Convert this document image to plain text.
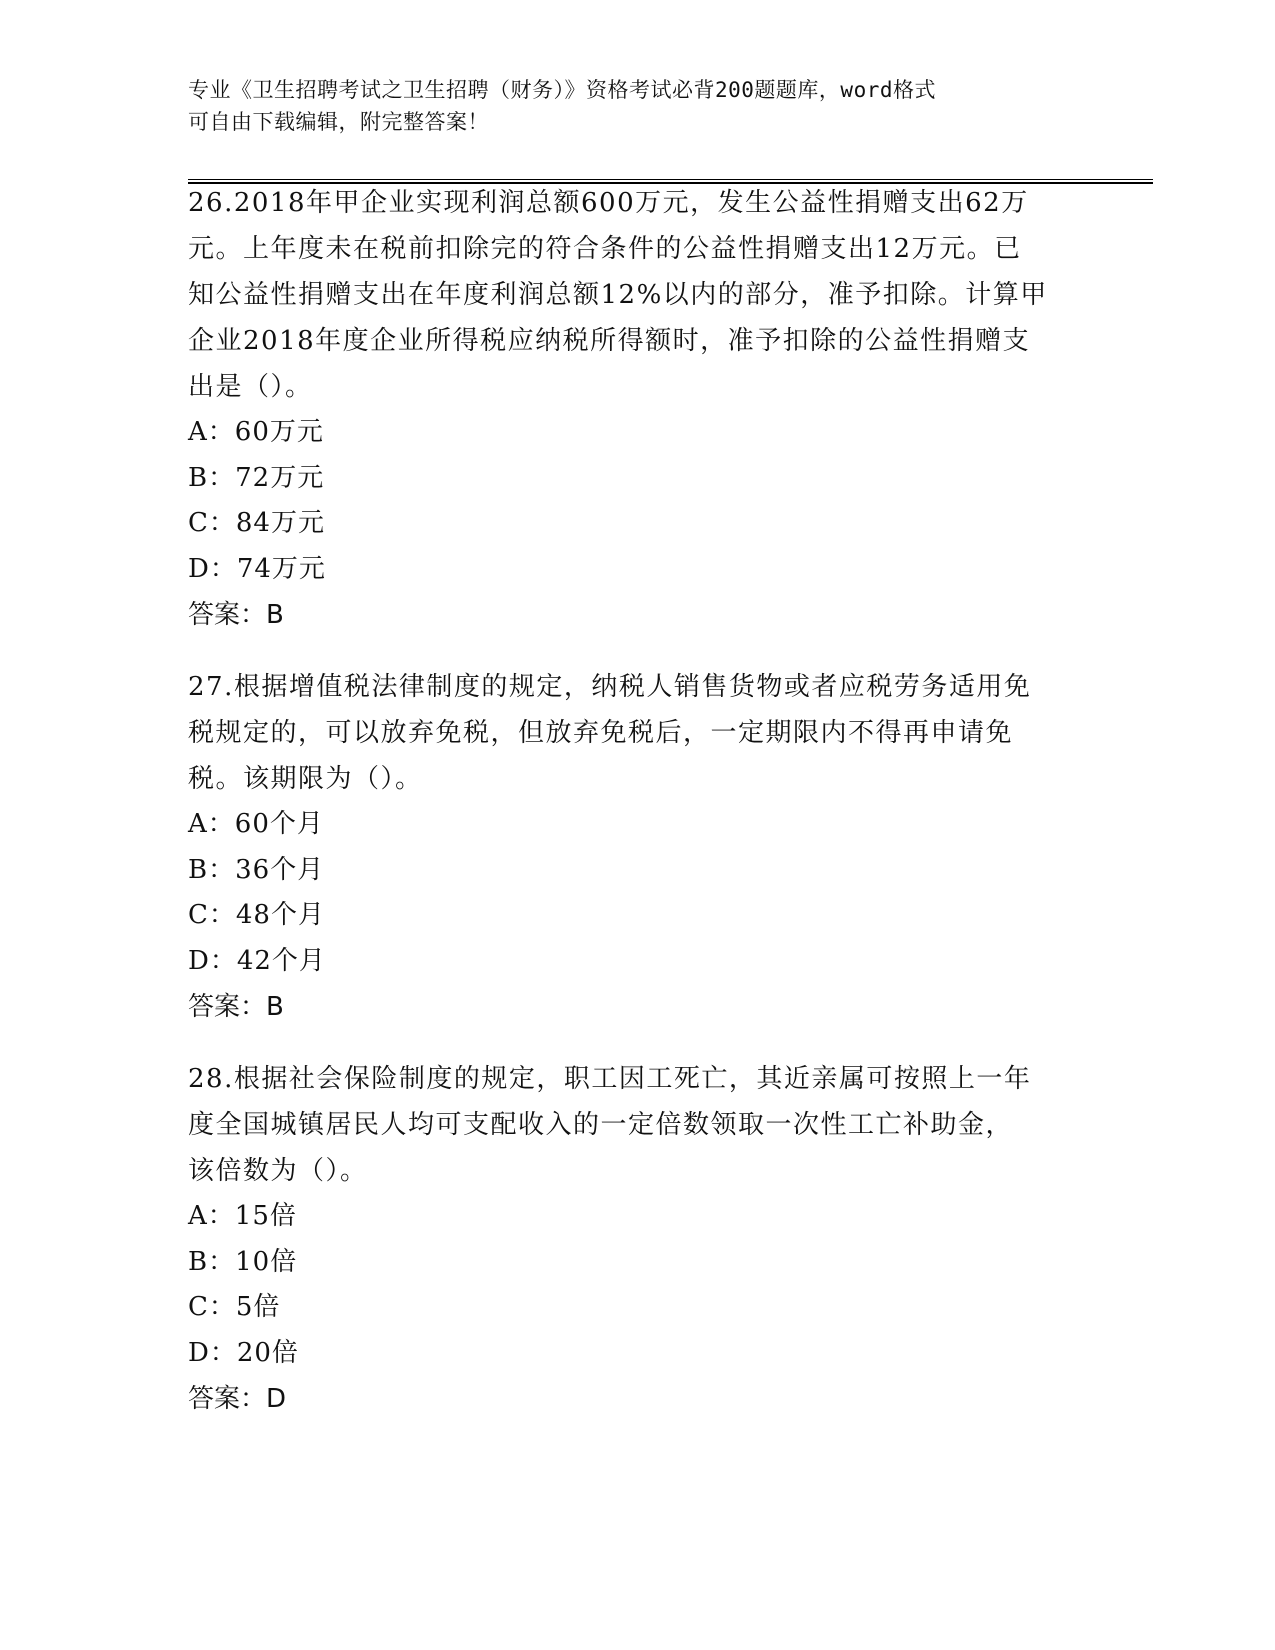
专业《卫生招聘考试之卫生招聘（财务）》资格考试必背200题题库，word格式
可自由下载编辑，附完整答案！
26.2018年甲企业实现利润总额600万元，发生公益性捐赠支出62万
元。上年度未在税前扣除完的符合条件的公益性捐赠支出12万元。已
知公益性捐赠支出在年度利润总额12%以内的部分，准予扣除。计算甲
企业2018年度企业所得税应纳税所得额时，准予扣除的公益性捐赠支
出是（）。
A：60万元
B：72万元
C：84万元
D：74万元
答案：B
27.根据增值税法律制度的规定，纳税人销售货物或者应税劳务适用免
税规定的，可以放弃免税，但放弃免税后，一定期限内不得再申请免
税。该期限为（）。
A：60个月
B：36个月
C：48个月
D：42个月
答案：B
28.根据社会保险制度的规定，职工因工死亡，其近亲属可按照上一年
度全国城镇居民人均可支配收入的一定倍数领取一次性工亡补助金，
该倍数为（）。
A：15倍
B：10倍
C：5倍
D：20倍
答案：D
